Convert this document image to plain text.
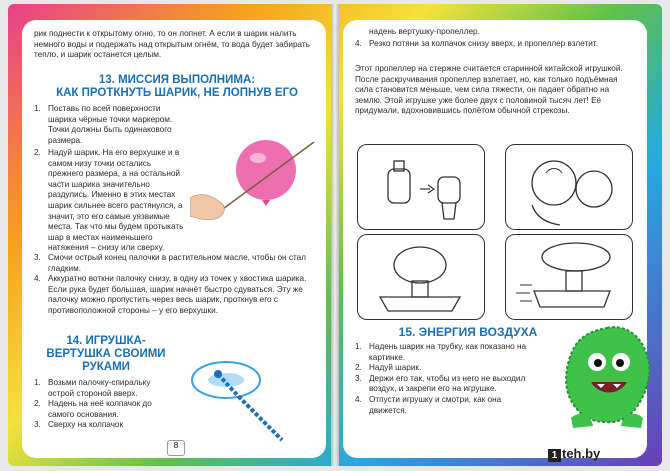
рик поднести к открытому огню, то он лопнет. А если в шарик налить немного воды и подержать над открытым огнём, то вода будет забирать тепло, и шарик останется целым.
13. МИССИЯ ВЫПОЛНИМА:
КАК ПРОТКНУТЬ ШАРИК, НЕ ЛОПНУВ ЕГО
1. Поставь по всей поверхности шарика чёрные точки маркером. Точки должны быть одинакового размера.
2. Надуй шарик. На его верхушке и в самом низу точки остались прежнего размера, а на остальной части шарика значительно раздулись. Именно в этих местах шарик сильнее всего растянулся, а значит, это его самые уязвимые места. Так что мы будем протыкать шар в местах наименьшего натяжения – снизу или сверху.
3. Смочи острый конец палочки в растительном масле, чтобы он стал гладким.
4. Аккуратно воткни палочку снизу, в одну из точек у хвостика шарика. Если рука будет большая, шарик начнёт быстро сдуваться. Эту же палочку можно пропустить через весь шарик, проткнув его с противоположной стороны – у его верхушки.
14. ИГРУШКА-
ВЕРТУШКА СВОИМИ
РУКАМИ
1. Возьми палочку-спиральку острой стороной вверх.
2. Надень на неё колпачок до самого основания.
3. Сверху на колпачок
8
надень вертушку-пропеллер.
4. Резко потяни за колпачок снизу вверх, и пропеллер взлетит.
Этот пропеллер на стержне считается старинной китайской игрушкой. После раскручивания пропеллер взлетает, но, как только подъёмная сила становится меньше, чем сила тяжести, он падает обратно на землю. Этой игрушке уже более двух с половиной тысяч лет! Её придумали, вдохновившись полётом обычной стрекозы.
15. ЭНЕРГИЯ ВОЗДУХА
1. Надень шарик на трубку, как показано на картинке.
2. Надуй шарик.
3. Держи его так, чтобы из него не выходил воздух, и закрепи его на игрушке.
4. Отпусти игрушку и смотри, как она движется.
1 teh.by
